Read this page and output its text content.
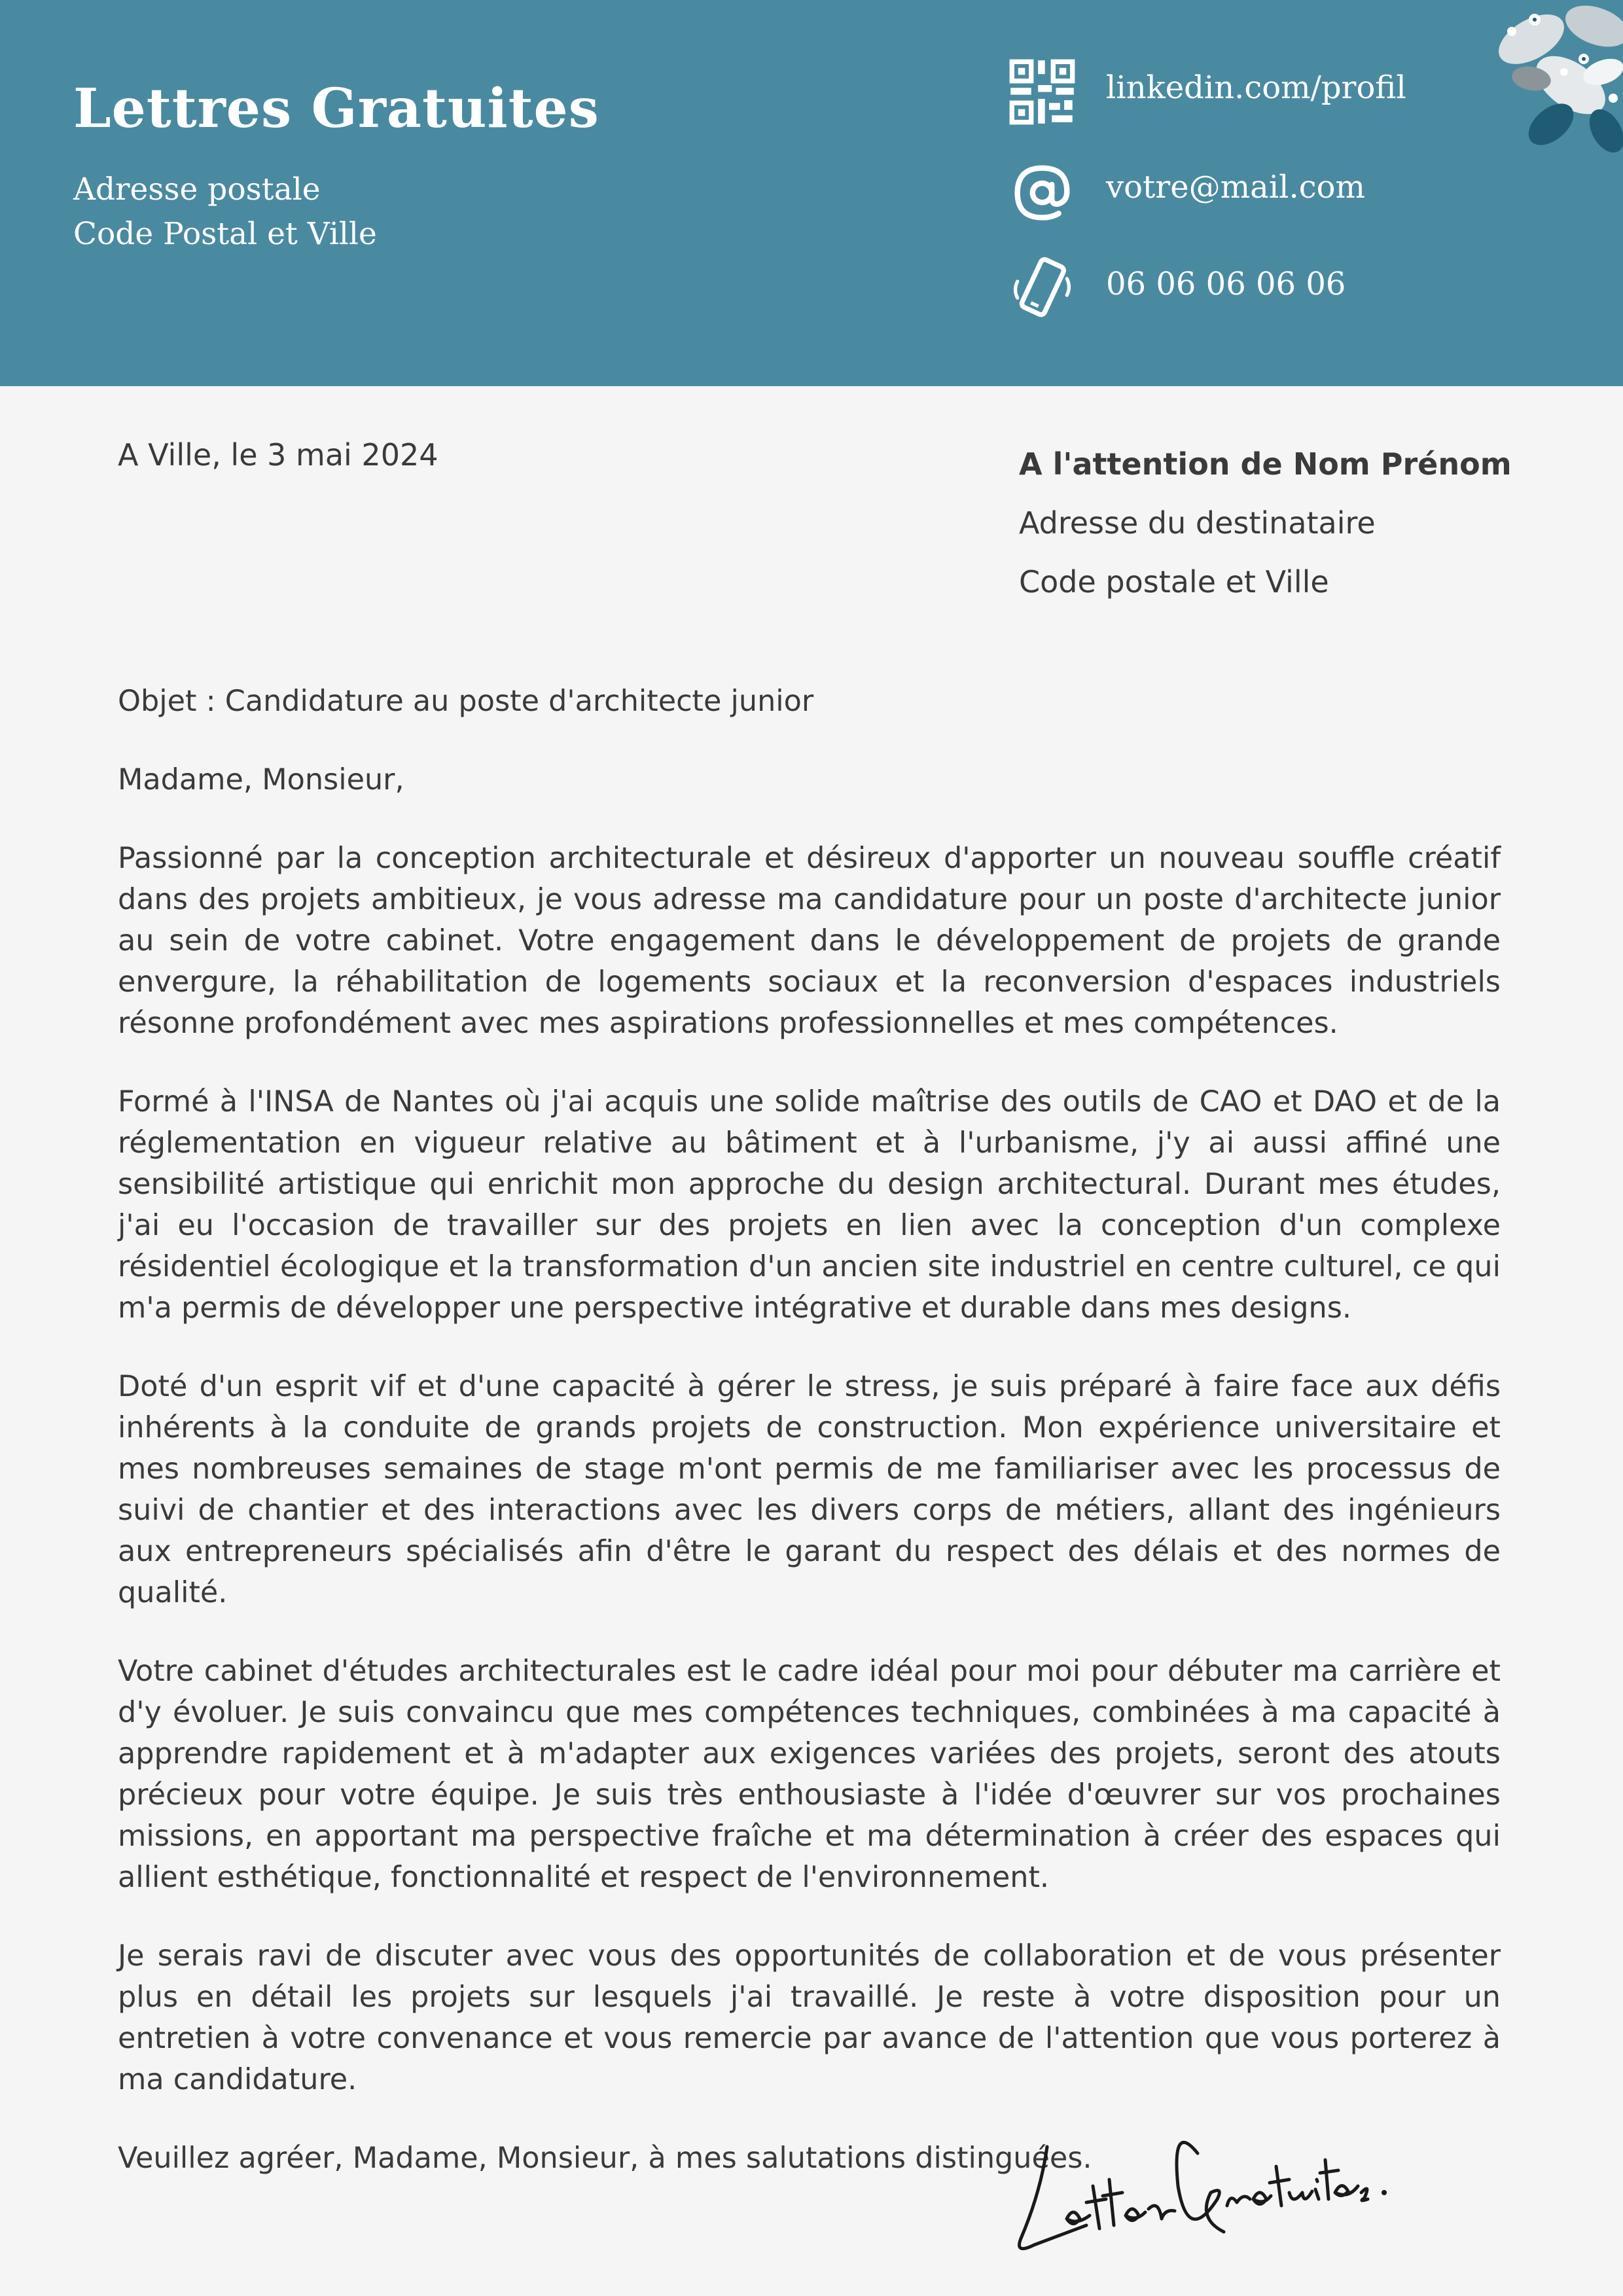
Lettres Gratuites
Adresse postale
Code Postal et Ville
linkedin.com/profil
votre@mail.com
06 06 06 06 06
A Ville, le 3 mai 2024	A l'attention de Nom Prénom
Adresse du destinataire
Code postale et Ville

Objet : Candidature au poste d'architecte junior

Madame, Monsieur,

Passionné par la conception architecturale et désireux d'apporter un nouveau souffle créatif dans des projets ambitieux, je vous adresse ma candidature pour un poste d'architecte junior au sein de votre cabinet. Votre engagement dans le développement de projets de grande envergure, la réhabilitation de logements sociaux et la reconversion d'espaces industriels résonne profondément avec mes aspirations professionnelles et mes compétences.

Formé à l'INSA de Nantes où j'ai acquis une solide maîtrise des outils de CAO et DAO et de la réglementation en vigueur relative au bâtiment et à l'urbanisme, j'y ai aussi affiné une sensibilité artistique qui enrichit mon approche du design architectural. Durant mes études, j'ai eu l'occasion de travailler sur des projets en lien avec la conception d'un complexe résidentiel écologique et la transformation d'un ancien site industriel en centre culturel, ce qui m'a permis de développer une perspective intégrative et durable dans mes designs.

Doté d'un esprit vif et d'une capacité à gérer le stress, je suis préparé à faire face aux défis inhérents à la conduite de grands projets de construction. Mon expérience universitaire et mes nombreuses semaines de stage m'ont permis de me familiariser avec les processus de suivi de chantier et des interactions avec les divers corps de métiers, allant des ingénieurs aux entrepreneurs spécialisés afin d'être le garant du respect des délais et des normes de qualité.

Votre cabinet d'études architecturales est le cadre idéal pour moi pour débuter ma carrière et d'y évoluer. Je suis convaincu que mes compétences techniques, combinées à ma capacité à apprendre rapidement et à m'adapter aux exigences variées des projets, seront des atouts précieux pour votre équipe. Je suis très enthousiaste à l'idée d'œuvrer sur vos prochaines missions, en apportant ma perspective fraîche et ma détermination à créer des espaces qui allient esthétique, fonctionnalité et respect de l'environnement.

Je serais ravi de discuter avec vous des opportunités de collaboration et de vous présenter plus en détail les projets sur lesquels j'ai travaillé. Je reste à votre disposition pour un entretien à votre convenance et vous remercie par avance de l'attention que vous porterez à ma candidature.

Veuillez agréer, Madame, Monsieur, à mes salutations distinguées.
